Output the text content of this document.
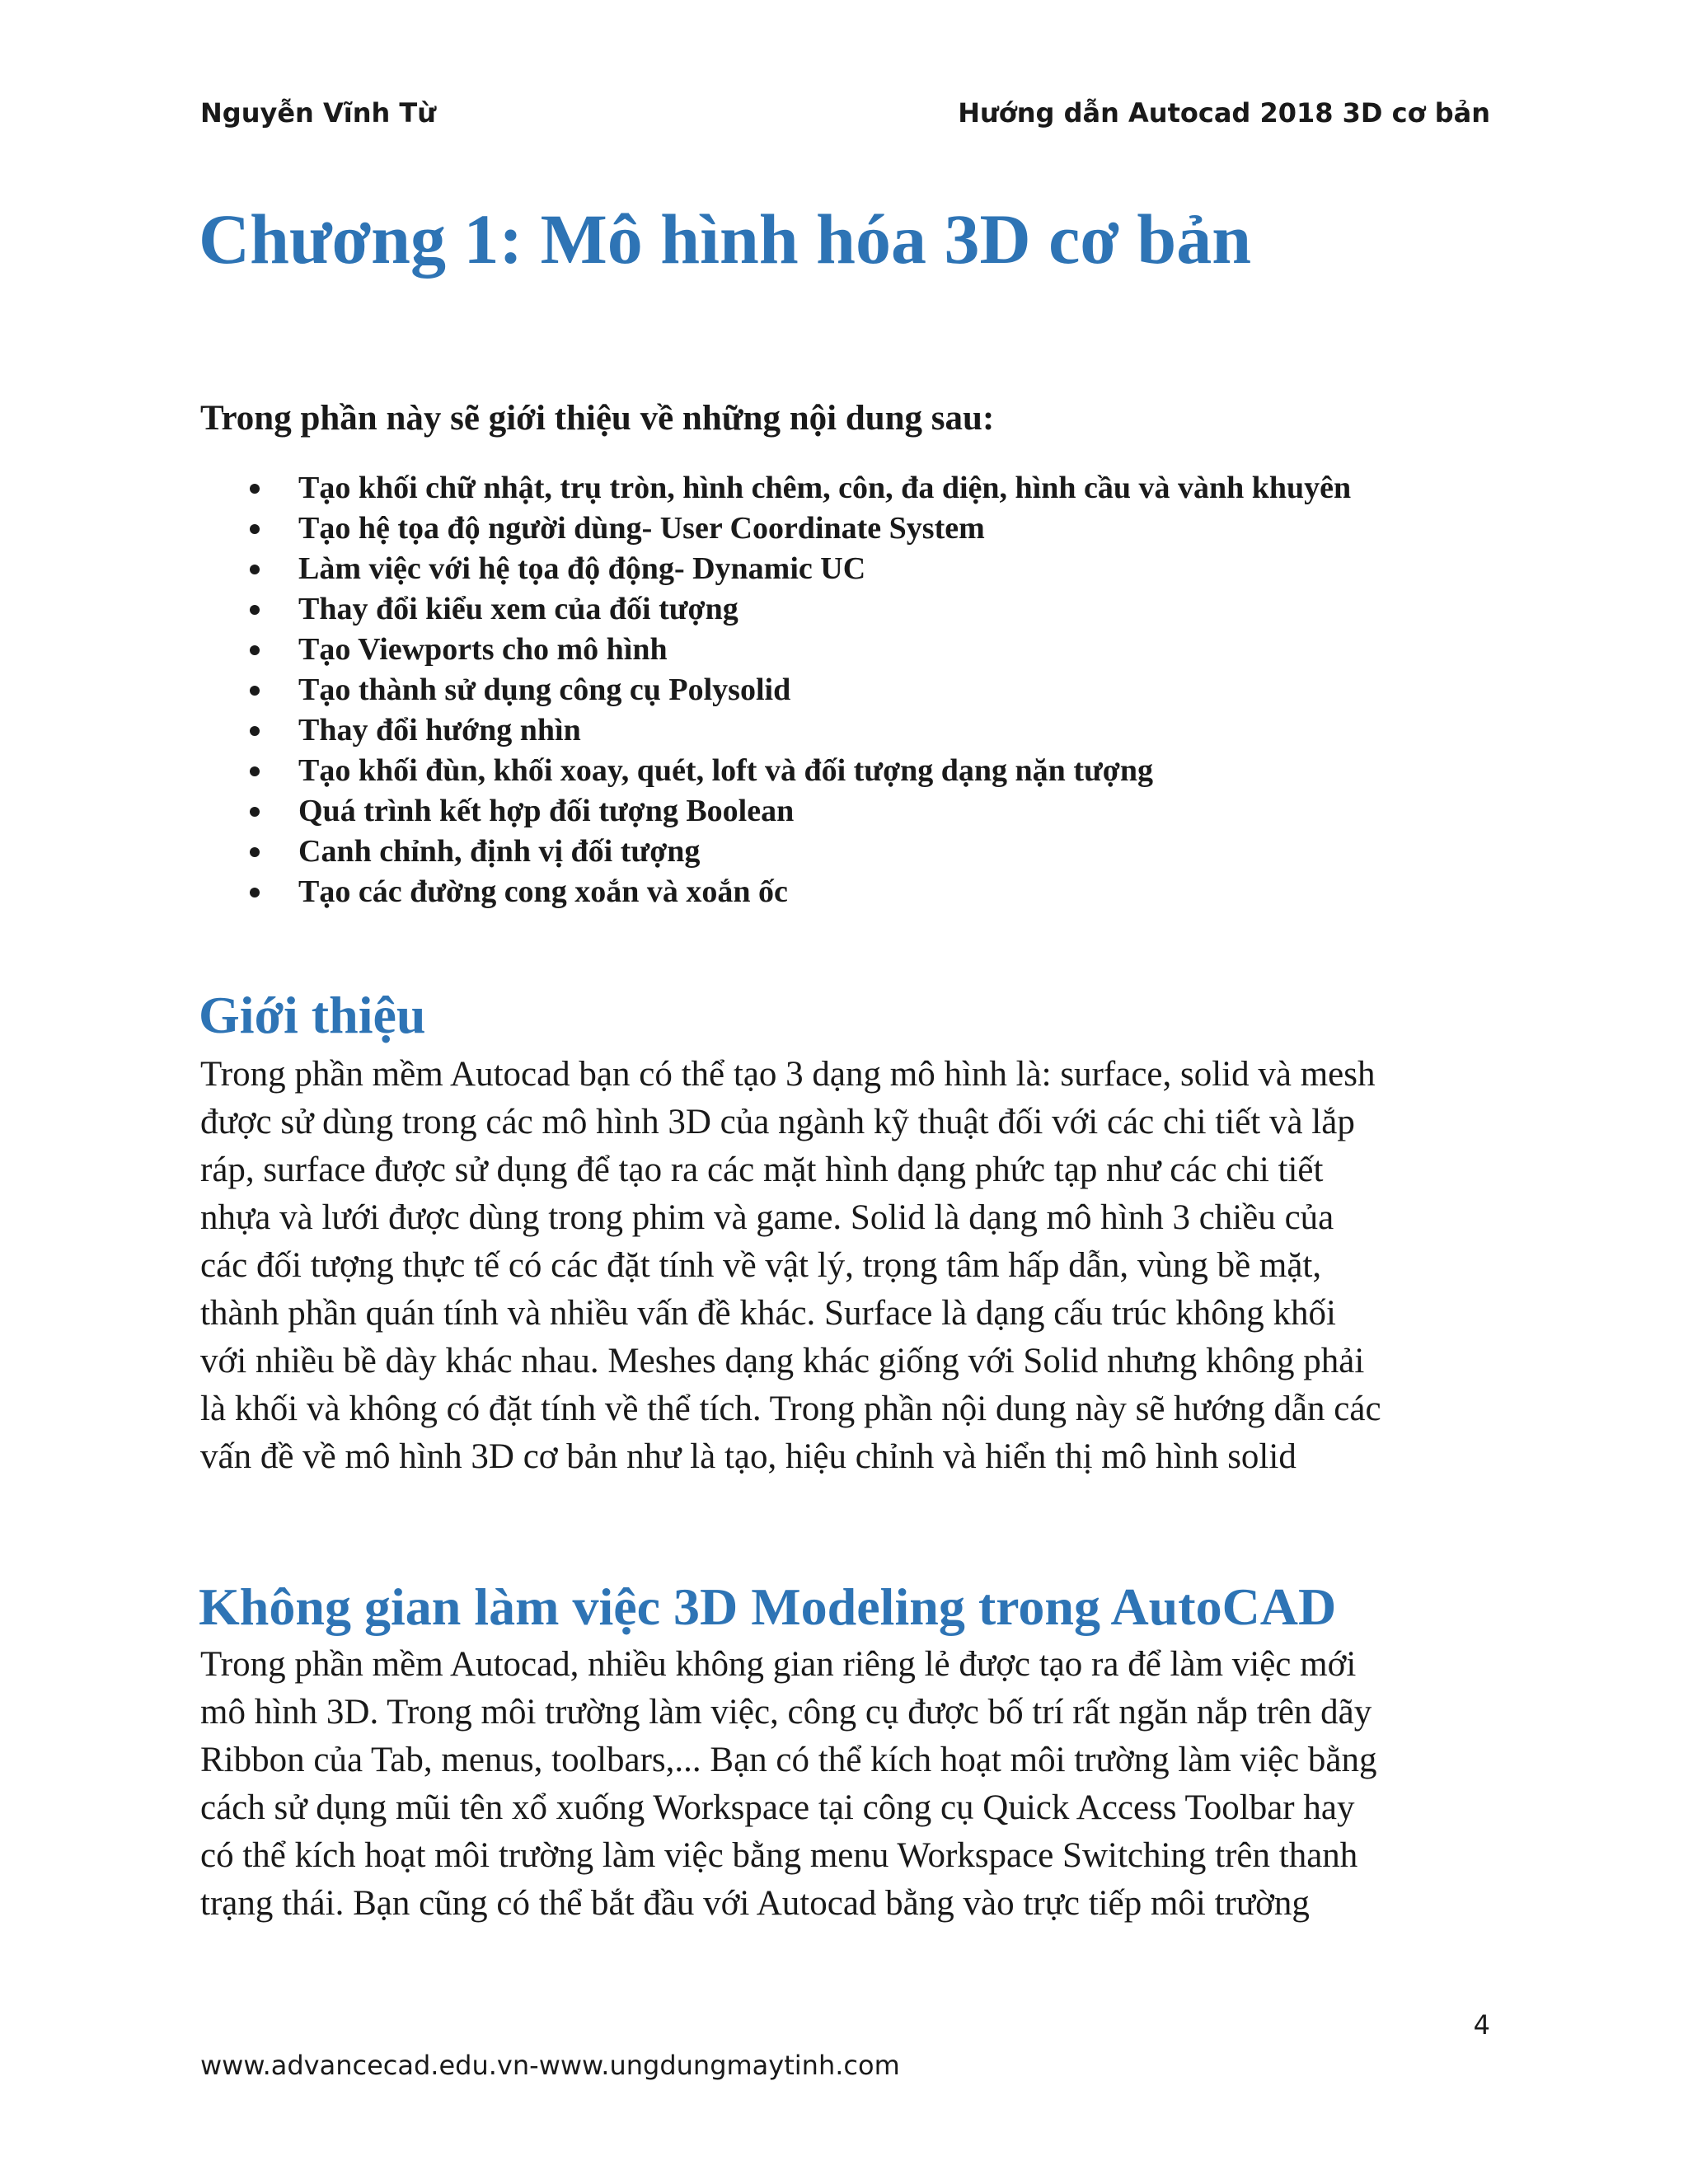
Nguyễn Vĩnh Từ	Hướng dẫn Autocad 2018 3D cơ bản
Chương 1: Mô hình hóa 3D cơ bản

Trong phần này sẽ giới thiệu về những nội dung sau:

Tạo khối chữ nhật, trụ tròn, hình chêm, côn, đa diện, hình cầu và vành khuyên
Tạo hệ tọa độ người dùng- User Coordinate System
Làm việc với hệ tọa độ động- Dynamic UC
Thay đổi kiểu xem của đối tượng
Tạo Viewports cho mô hình
Tạo thành sử dụng công cụ Polysolid
Thay đổi hướng nhìn
Tạo khối đùn, khối xoay, quét, loft và đối tượng dạng nặn tượng
Quá trình kết hợp đối tượng Boolean
Canh chỉnh, định vị đối tượng
Tạo các đường cong xoắn và xoắn ốc
Giới thiệu

Trong phần mềm Autocad bạn có thể tạo 3 dạng mô hình là: surface, solid và mesh
được sử dùng trong các mô hình 3D của ngành kỹ thuật đối với các chi tiết và lắp
ráp, surface được sử dụng để tạo ra các mặt hình dạng phức tạp như các chi tiết
nhựa và lưới được dùng trong phim và game. Solid là dạng mô hình 3 chiều của
các đối tượng thực tế có các đặt tính về vật lý, trọng tâm hấp dẫn, vùng bề mặt,
thành phần quán tính và nhiều vấn đề khác. Surface là dạng cấu trúc không khối
với nhiều bề dày khác nhau. Meshes dạng khác giống với Solid nhưng không phải
là khối và không có đặt tính về thể tích. Trong phần nội dung này sẽ hướng dẫn các
vấn đề về mô hình 3D cơ bản như là tạo, hiệu chỉnh và hiển thị mô hình solid

Không gian làm việc 3D Modeling trong AutoCAD

Trong phần mềm Autocad, nhiều không gian riêng lẻ được tạo ra để làm việc mới
mô hình 3D. Trong môi trường làm việc, công cụ được bố trí rất ngăn nắp trên dãy
Ribbon của Tab, menus, toolbars,... Bạn có thể kích hoạt môi trường làm việc bằng
cách sử dụng mũi tên xổ xuống Workspace tại công cụ Quick Access Toolbar hay
có thể kích hoạt môi trường làm việc bằng menu Workspace Switching trên thanh
trạng thái. Bạn cũng có thể bắt đầu với Autocad bằng vào trực tiếp môi trường

4
www.advancecad.edu.vn-www.ungdungmaytinh.com
